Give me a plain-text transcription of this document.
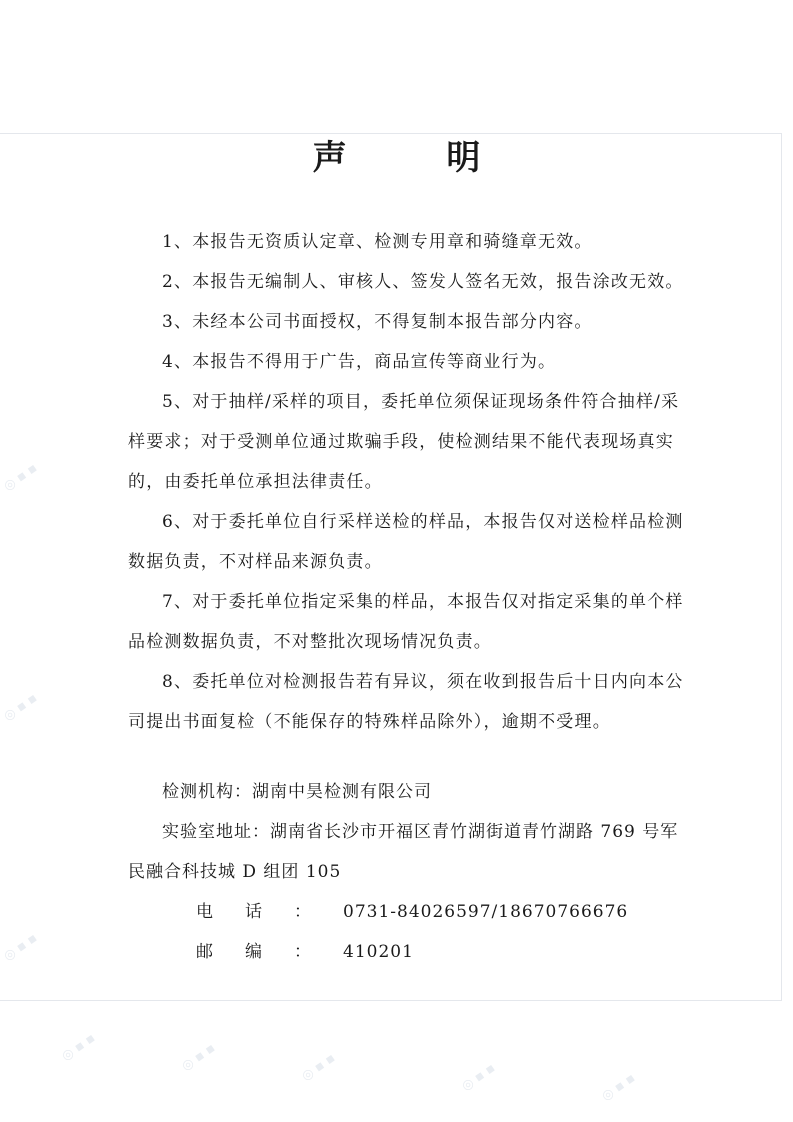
声 明

1、本报告无资质认定章、检测专用章和骑缝章无效。

2、本报告无编制人、审核人、签发人签名无效，报告涂改无效。

3、未经本公司书面授权，不得复制本报告部分内容。

4、本报告不得用于广告，商品宣传等商业行为。

5、对于抽样/采样的项目，委托单位须保证现场条件符合抽样/采样要求；对于受测单位通过欺骗手段，使检测结果不能代表现场真实的，由委托单位承担法律责任。

6、对于委托单位自行采样送检的样品，本报告仅对送检样品检测数据负责，不对样品来源负责。

7、对于委托单位指定采集的样品，本报告仅对指定采集的单个样品检测数据负责，不对整批次现场情况负责。

8、委托单位对检测报告若有异议，须在收到报告后十日内向本公司提出书面复检（不能保存的特殊样品除外），逾期不受理。

检测机构：湖南中昊检测有限公司

实验室地址：湖南省长沙市开福区青竹湖街道青竹湖路 769 号军民融合科技城 D 组团 105

电话：0731-84026597/18670766676

邮编：410201

◎ ▪ ▪
◎ ▪ ▪
◎ ▪ ▪
◎ ▪ ▪	◎ ▪ ▪	◎ ▪ ▪	◎ ▪ ▪	◎ ▪ ▪
